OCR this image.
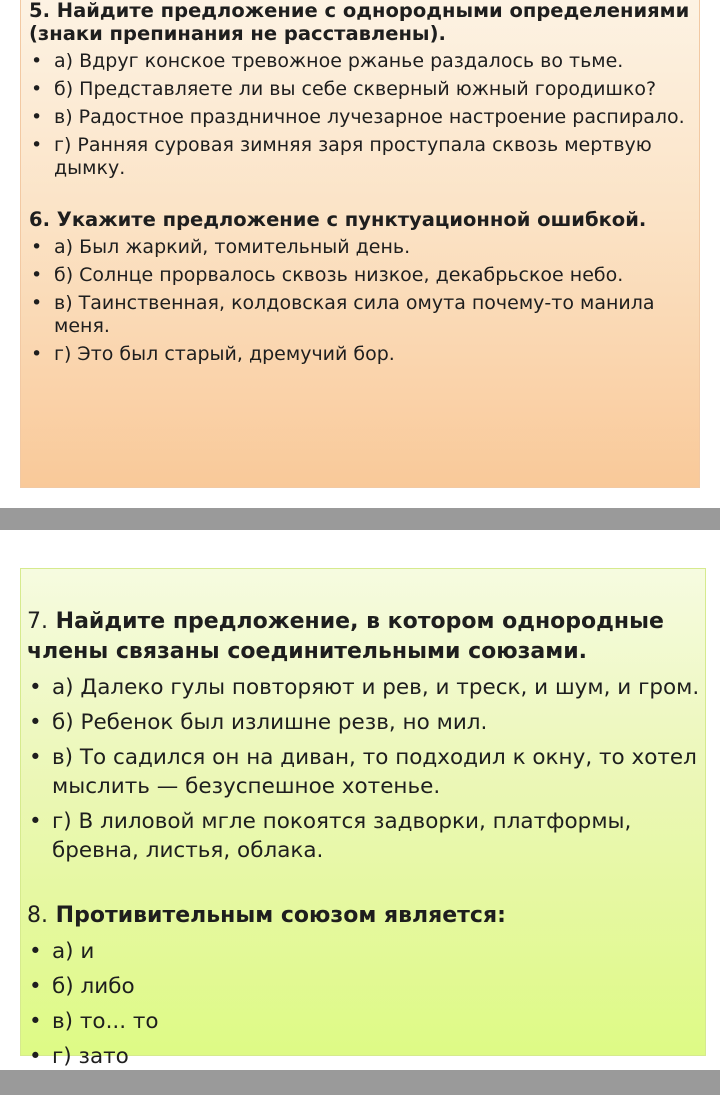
5. Найдите предложение с однородными определениями (знаки препинания не расставлены).

• а) Вдруг конское тревожное ржанье раздалось во тьме.
• б) Представляете ли вы себе скверный южный городишко?
• в) Радостное праздничное лучезарное настроение распирало.
• г) Ранняя суровая зимняя заря проступала сквозь мертвую дымку.

6. Укажите предложение с пунктуационной ошибкой.

• а) Был жаркий, томительный день.
• б) Солнце прорвалось сквозь низкое, декабрьское небо.
• в) Таинственная, колдовская сила омута почему-то манила меня.
• г) Это был старый, дремучий бор.

7. Найдите предложение, в котором однородные члены связаны соединительными союзами.

• а) Далеко гулы повторяют и рев, и треск, и шум, и гром.
• б) Ребенок был излишне резв, но мил.
• в) То садился он на диван, то подходил к окну, то хотел мыслить — безуспешное хотенье.
• г) В лиловой мгле покоятся задворки, платформы, бревна, листья, облака.

8. Противительным союзом является:

• а) и
• б) либо
• в) то... то
• г) зато
